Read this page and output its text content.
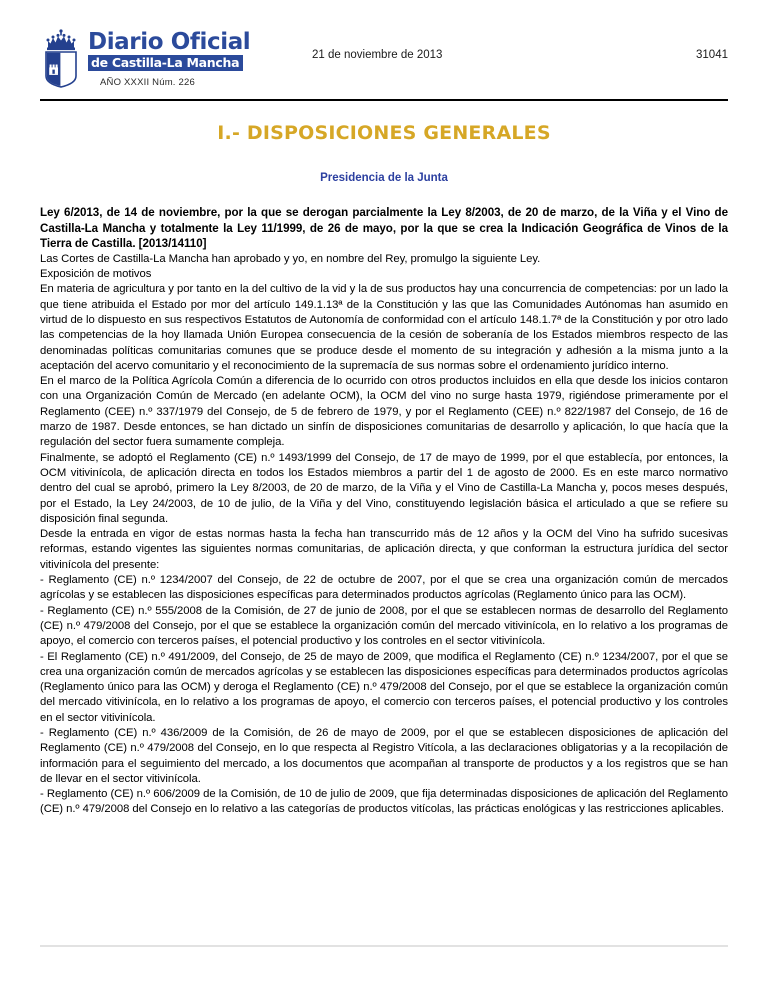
Diario Oficial
de Castilla-La Mancha
AÑO XXXII Núm. 226
21 de noviembre de 2013	31041
I.- DISPOSICIONES GENERALES
Presidencia de la Junta
Ley 6/2013, de 14 de noviembre, por la que se derogan parcialmente la Ley 8/2003, de 20 de marzo, de la Viña y el Vino de Castilla-La Mancha y totalmente la Ley 11/1999, de 26 de mayo, por la que se crea la Indicación Geográfica de Vinos de la Tierra de Castilla. [2013/14110]

Las Cortes de Castilla-La Mancha han aprobado y yo, en nombre del Rey, promulgo la siguiente Ley.

Exposición de motivos

En materia de agricultura y por tanto en la del cultivo de la vid y la de sus productos hay una concurrencia de competencias: por un lado la que tiene atribuida el Estado por mor del artículo 149.1.13ª de la Constitución y las que las Comunidades Autónomas han asumido en virtud de lo dispuesto en sus respectivos Estatutos de Autonomía de conformidad con el artículo 148.1.7ª de la Constitución y por otro lado las competencias de la hoy llamada Unión Europea consecuencia de la cesión de soberanía de los Estados miembros respecto de las denominadas políticas comunitarias comunes que se produce desde el momento de su integración y adhesión a la misma junto a la aceptación del acervo comunitario y el reconocimiento de la supremacía de sus normas sobre el ordenamiento jurídico interno.

En el marco de la Política Agrícola Común a diferencia de lo ocurrido con otros productos incluidos en ella que desde los inicios contaron con una Organización Común de Mercado (en adelante OCM), la OCM del vino no surge hasta 1979, rigiéndose primeramente por el Reglamento (CEE) n.º 337/1979 del Consejo, de 5 de febrero de 1979, y por el Reglamento (CEE) n.º 822/1987 del Consejo, de 16 de marzo de 1987. Desde entonces, se han dictado un sinfín de disposiciones comunitarias de desarrollo y aplicación, lo que hacía que la regulación del sector fuera sumamente compleja.

Finalmente, se adoptó el Reglamento (CE) n.º 1493/1999 del Consejo, de 17 de mayo de 1999, por el que establecía, por entonces, la OCM vitivinícola, de aplicación directa en todos los Estados miembros a partir del 1 de agosto de 2000. Es en este marco normativo dentro del cual se aprobó, primero la Ley 8/2003, de 20 de marzo, de la Viña y el Vino de Castilla-La Mancha y, pocos meses después, por el Estado, la Ley 24/2003, de 10 de julio, de la Viña y del Vino, constituyendo legislación básica el articulado a que se refiere su disposición final segunda.

Desde la entrada en vigor de estas normas hasta la fecha han transcurrido más de 12 años y la OCM del Vino ha sufrido sucesivas reformas, estando vigentes las siguientes normas comunitarias, de aplicación directa, y que conforman la estructura jurídica del sector vitivinícola del presente:

- Reglamento (CE) n.º 1234/2007 del Consejo, de 22 de octubre de 2007, por el que se crea una organización común de mercados agrícolas y se establecen las disposiciones específicas para determinados productos agrícolas (Reglamento único para las OCM).

- Reglamento (CE) n.º 555/2008 de la Comisión, de 27 de junio de 2008, por el que se establecen normas de desarrollo del Reglamento (CE) n.º 479/2008 del Consejo, por el que se establece la organización común del mercado vitivinícola, en lo relativo a los programas de apoyo, el comercio con terceros países, el potencial productivo y los controles en el sector vitivinícola.

- El Reglamento (CE) n.º 491/2009, del Consejo, de 25 de mayo de 2009, que modifica el Reglamento (CE) n.º 1234/2007, por el que se crea una organización común de mercados agrícolas y se establecen las disposiciones específicas para determinados productos agrícolas (Reglamento único para las OCM) y deroga el Reglamento (CE) n.º 479/2008 del Consejo, por el que se establece la organización común del mercado vitivinícola, en lo relativo a los programas de apoyo, el comercio con terceros países, el potencial productivo y los controles en el sector vitivinícola.

- Reglamento (CE) n.º 436/2009 de la Comisión, de 26 de mayo de 2009, por el que se establecen disposiciones de aplicación del Reglamento (CE) n.º 479/2008 del Consejo, en lo que respecta al Registro Vitícola, a las declaraciones obligatorias y a la recopilación de información para el seguimiento del mercado, a los documentos que acompañan al transporte de productos y a los registros que se han de llevar en el sector vitivinícola.

- Reglamento (CE) n.º 606/2009 de la Comisión, de 10 de julio de 2009, que fija determinadas disposiciones de aplicación del Reglamento (CE) n.º 479/2008 del Consejo en lo relativo a las categorías de productos vitícolas, las prácticas enológicas y las restricciones aplicables.
